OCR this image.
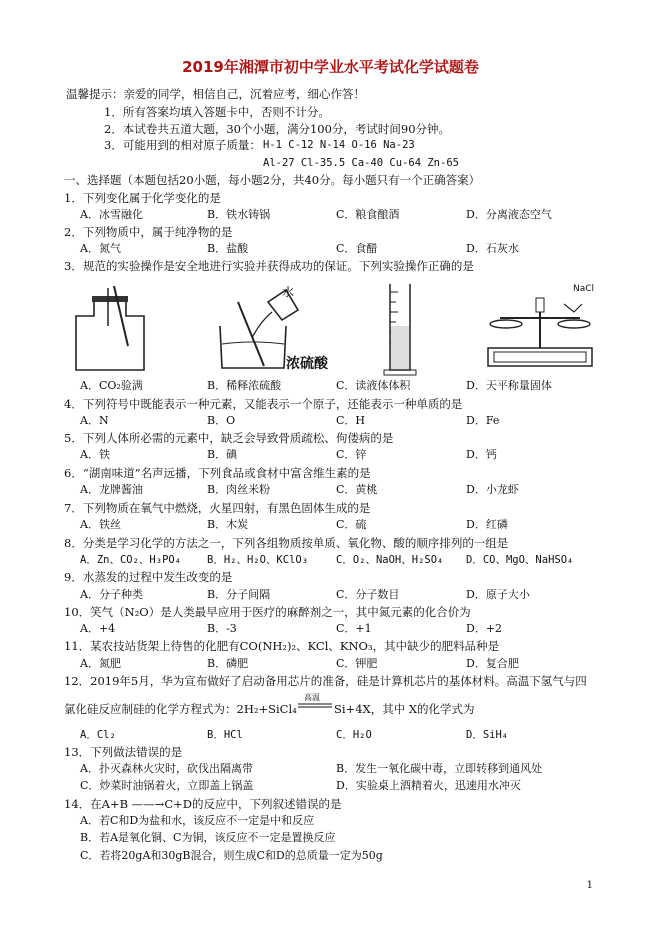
2019年湘潭市初中学业水平考试化学试题卷
温馨提示：亲爱的同学，相信自己，沉着应考，细心作答！
1．所有答案均填入答题卡中，否则不计分。
2．本试卷共五道大题，30个小题，满分100分，考试时间90分钟。
3．可能用到的相对原子质量： H-1 C-12 N-14 O-16 Na-23
Al-27 Cl-35.5 Ca-40 Cu-64 Zn-65
一、选择题（本题包括20小题，每小题2分，共40分。每小题只有一个正确答案）
1．下列变化属于化学变化的是
A．冰雪融化	B．铁水铸锅	C．粮食酿酒	D．分离液态空气
2．下列物质中，属于纯净物的是
A．氮气	B．盐酸	C．食醋	D．石灰水
3．规范的实验操作是安全地进行实验并获得成功的保证。下列实验操作正确的是
水
浓硫酸
NaCl
A．CO₂验满	B．稀释浓硫酸	C．读液体体积	D．天平称量固体
4．下列符号中既能表示一种元素，又能表示一个原子，还能表示一种单质的是
A．N	B．O	C．H	D．Fe
5．下列人体所必需的元素中，缺乏会导致骨质疏松、佝偻病的是
A．铁	B．碘	C．锌	D．钙
6．“湖南味道”名声远播，下列食品或食材中富含维生素的是
A．龙牌酱油	B．肉丝米粉	C．黄桃	D．小龙虾
7．下列物质在氧气中燃烧，火星四射，有黑色固体生成的是
A．铁丝	B．木炭	C．硫	D．红磷
8．分类是学习化学的方法之一，下列各组物质按单质、氧化物、酸的顺序排列的一组是
A．Zn、CO₂、H₃PO₄ B．H₂、H₂O、KClO₃	C．O₂、NaOH、H₂SO₄ D．CO、MgO、NaHSO₄
9．水蒸发的过程中发生改变的是
A．分子种类	B．分子间隔	C．分子数目	D．原子大小
10．笑气（N₂O）是人类最早应用于医疗的麻醉剂之一，其中氮元素的化合价为
A．+4	B．-3	C．+1	D．+2
11．某农技站货架上待售的化肥有CO(NH₂)₂、KCl、KNO₃，其中缺少的肥料品种是
A．氮肥	B．磷肥	C．钾肥	D．复合肥
12．2019年5月，华为宣布做好了启动备用芯片的准备，硅是计算机芯片的基体材料。高温下氢气与四
氯化硅反应制硅的化学方程式为：2H₂+SiCl₄
高温
Si+4X，其中 X的化学式为
A．Cl₂	B．HCl	C．H₂O	D．SiH₄
13．下列做法错误的是
A．扑灭森林火灾时，砍伐出隔离带	B．发生一氧化碳中毒，立即转移到通风处
C．炒菜时油锅着火，立即盖上锅盖	D．实验桌上酒精着火，迅速用水冲灭
14．在A+B ——→C+D的反应中，下列叙述错误的是
A．若C和D为盐和水，该反应不一定是中和反应
B．若A是氧化铜、C为铜，该反应不一定是置换反应
C．若将20gA和30gB混合，则生成C和D的总质量一定为50g
1
